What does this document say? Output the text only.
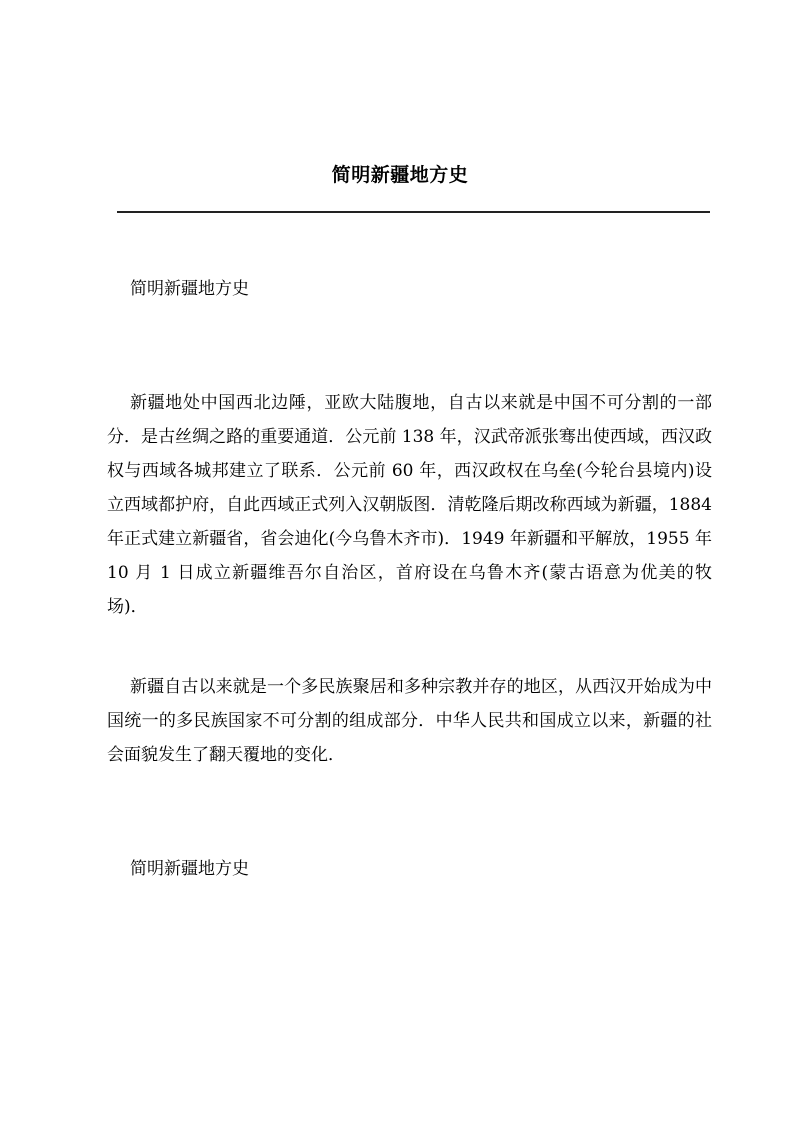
简明新疆地方史

简明新疆地方史

新疆地处中国西北边陲，亚欧大陆腹地，自古以来就是中国不可分割的一部分．是古丝绸之路的重要通道．公元前 138 年，汉武帝派张骞出使西域，西汉政权与西域各城邦建立了联系．公元前 60 年，西汉政权在乌垒(今轮台县境内)设立西域都护府，自此西域正式列入汉朝版图．清乾隆后期改称西域为新疆，1884 年正式建立新疆省，省会迪化(今乌鲁木齐市)．1949 年新疆和平解放，1955 年 10 月 1 日成立新疆维吾尔自治区，首府设在乌鲁木齐(蒙古语意为优美的牧场)．

新疆自古以来就是一个多民族聚居和多种宗教并存的地区，从西汉开始成为中国统一的多民族国家不可分割的组成部分．中华人民共和国成立以来，新疆的社会面貌发生了翻天覆地的变化．

简明新疆地方史
